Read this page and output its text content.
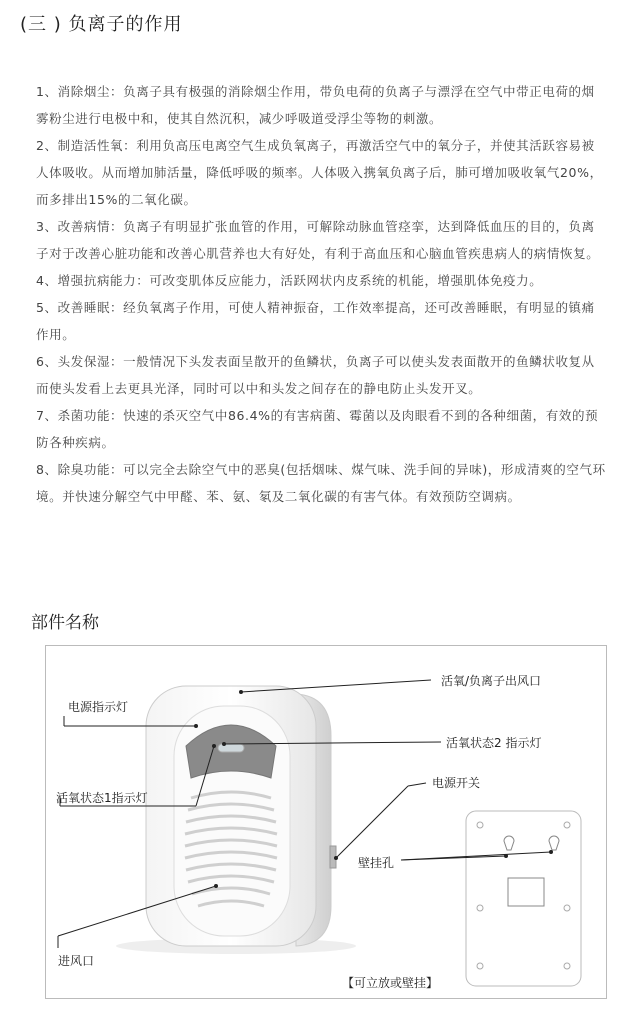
(三 ) 负离子的作用
1、消除烟尘：负离子具有极强的消除烟尘作用，带负电荷的负离子与漂浮在空气中带正电荷的烟雾粉尘进行电极中和，使其自然沉积，减少呼吸道受浮尘等物的刺激。
2、制造活性氧：利用负高压电离空气生成负氧离子，再激活空气中的氧分子，并使其活跃容易被人体吸收。从而增加肺活量，降低呼吸的频率。人体吸入携氧负离子后，肺可增加吸收氧气20%，而多排出15%的二氧化碳。
3、改善病情：负离子有明显扩张血管的作用，可解除动脉血管痉挛，达到降低血压的目的，负离子对于改善心脏功能和改善心肌营养也大有好处，有利于高血压和心脑血管疾患病人的病情恢复。
4、增强抗病能力：可改变肌体反应能力，活跃网状内皮系统的机能，增强肌体免疫力。
5、改善睡眠：经负氧离子作用，可使人精神振奋，工作效率提高，还可改善睡眠，有明显的镇痛作用。
6、头发保湿：一般情况下头发表面呈散开的鱼鳞状，负离子可以使头发表面散开的鱼鳞状收复从而使头发看上去更具光泽，同时可以中和头发之间存在的静电防止头发开叉。
7、杀菌功能：快速的杀灭空气中86.4%的有害病菌、霉菌以及肉眼看不到的各种细菌，有效的预防各种疾病。
8、除臭功能：可以完全去除空气中的恶臭(包括烟味、煤气味、洗手间的异味)，形成清爽的空气环境。并快速分解空气中甲醛、苯、氨、氡及二氧化碳的有害气体。有效预防空调病。
部件名称
活氧/负离子出风口
电源指示灯
活氧状态2 指示灯
活氧状态1指示灯
电源开关
壁挂孔
进风口
【可立放或壁挂】
